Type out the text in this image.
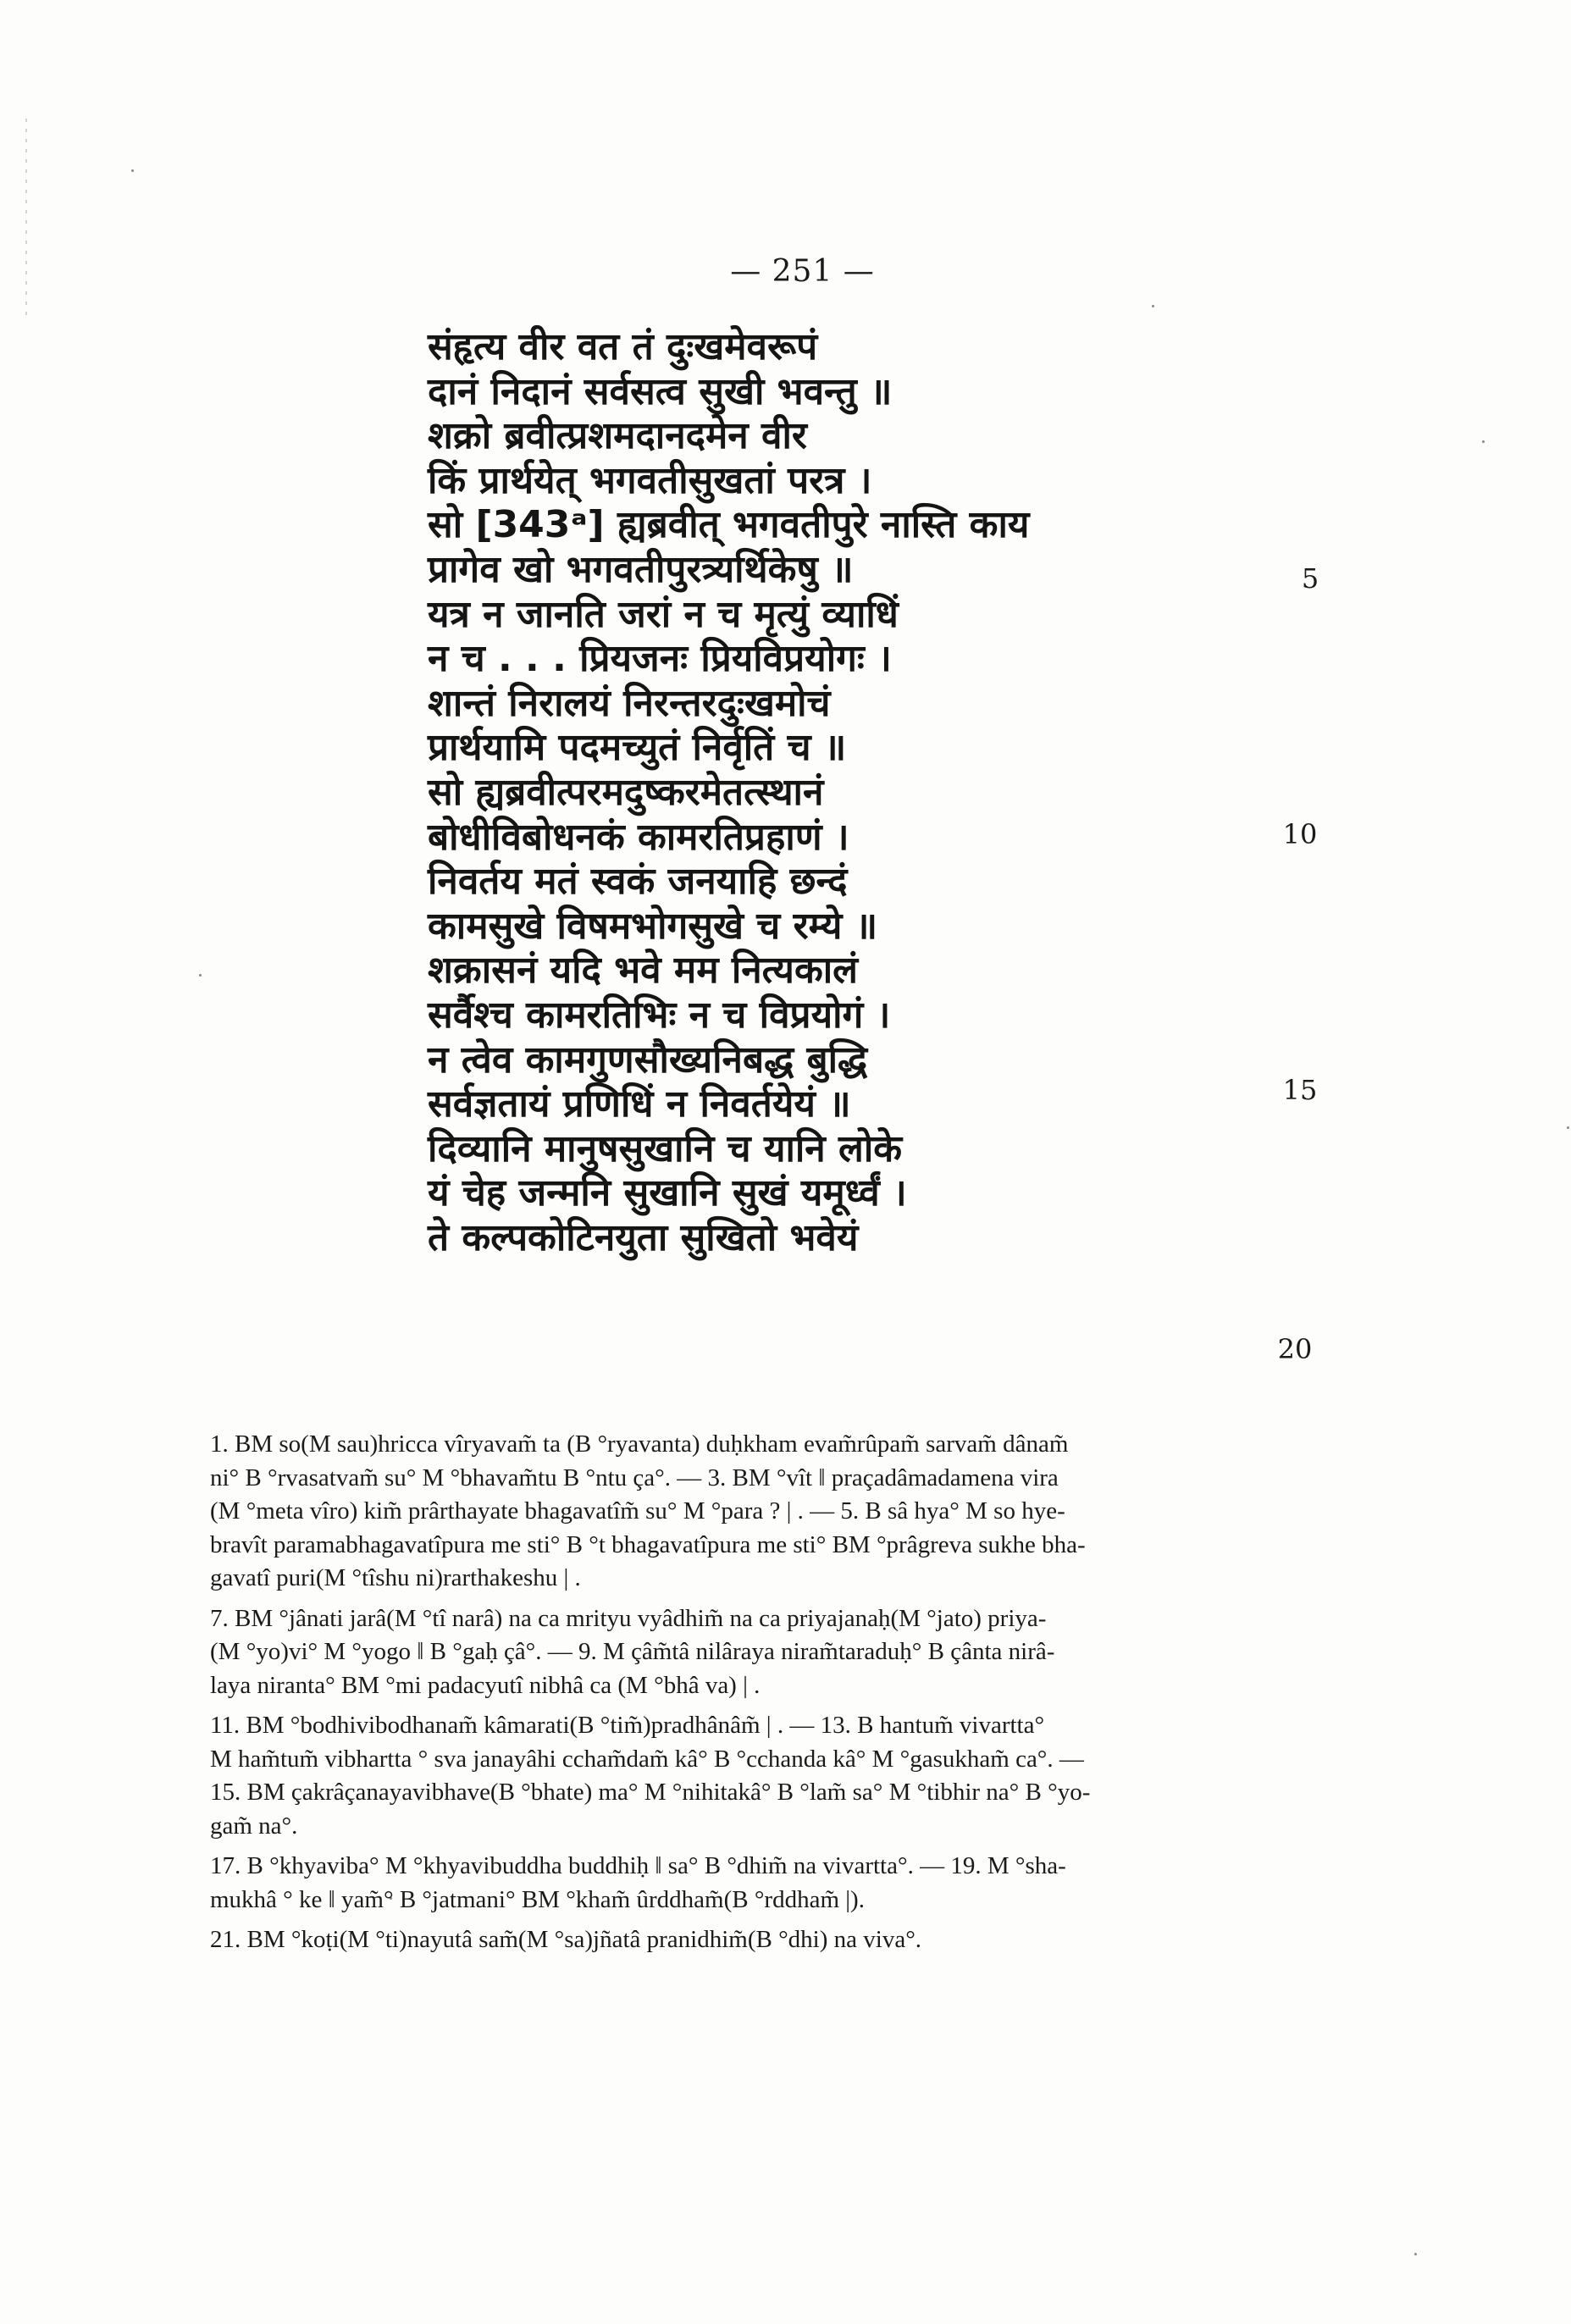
— 251 —
संहृत्य वीर वत तं दुःखमेवरूपं
दानं निदानं सर्वसत्व सुखी भवन्तु ॥
शक्रो ब्रवीत्प्रशमदानदमेन वीर
किं प्रार्थयेत् भगवतीसुखतां परत्र ।
सो [343ᵃ] ह्यब्रवीत् भगवतीपुरे नास्ति काय
प्रागेव खो भगवतीपुरत्र्यर्थिकेषु ॥
यत्र न जानति जरां न च मृत्युं व्याधिं
न च . . . प्रियजनः प्रियविप्रयोगः ।
शान्तं निरालयं निरन्तरदुःखमोचं
प्रार्थयामि पदमच्युतं निर्वृतिं च ॥
सो ह्यब्रवीत्परमदुष्करमेतत्स्थानं
बोधीविबोधनकं कामरतिप्रहाणं ।
निवर्तय मतं स्वकं जनयाहि छन्दं
कामसुखे विषमभोगसुखे च रम्ये ॥
शक्रासनं यदि भवे मम नित्यकालं
सर्वैश्च कामरतिभिः न च विप्रयोगं ।
न त्वेव कामगुणसौख्यनिबद्ध बुद्धि
सर्वज्ञतायं प्रणिधिं न निवर्तयेयं ॥
दिव्यानि मानुषसुखानि च यानि लोके
यं चेह जन्मनि सुखानि सुखं यमूर्ध्वं ।
ते कल्पकोटिनयुता सुखितो भवेयं
5
10
15
20
1. BM so(M sau)hricca vîryavam̃ ta (B °ryavanta) duḥkham evam̃rûpam̃ sarvam̃ dânam̃
ni° B °rvasatvam̃ su° M °bhavam̃tu B °ntu ça°. — 3. BM °vît ‖ praçadâmadamena vira
(M °meta vîro) kim̃ prârthayate bhagavatîm̃ su° M °para ? | . — 5. B sâ hya° M so hye-
bravît paramabhagavatîpura me sti° B °t bhagavatîpura me sti° BM °prâgreva sukhe bha-
gavatî puri(M °tîshu ni)rarthakeshu | .
7. BM °jânati jarâ(M °tî narâ) na ca mrityu vyâdhim̃ na ca priyajanaḥ(M °jato) priya-
(M °yo)vi° M °yogo ‖ B °gaḥ çâ°. — 9. M çâm̃tâ nilâraya niram̃taraduḥ° B çânta nirâ-
laya niranta° BM °mi padacyutî nibhâ ca (M °bhâ va) | .
11. BM °bodhivibodhanam̃ kâmarati(B °tim̃)pradhânâm̃ | . — 13. B hantum̃ vivartta°
M ham̃tum̃ vibhartta ° sva janayâhi ccham̃dam̃ kâ° B °cchanda kâ° M °gasukham̃ ca°. —
15. BM çakrâçanayavibhave(B °bhate) ma° M °nihitakâ° B °lam̃ sa° M °tibhir na° B °yo-
gam̃ na°.
17. B °khyaviba° M °khyavibuddha buddhiḥ ‖ sa° B °dhim̃ na vivartta°. — 19. M °sha-
mukhâ ° ke ‖ yam̃° B °jatmani° BM °kham̃ ûrddham̃(B °rddham̃ |).
21. BM °koṭi(M °ti)nayutâ sam̃(M °sa)jñatâ pranidhim̃(B °dhi) na viva°.
